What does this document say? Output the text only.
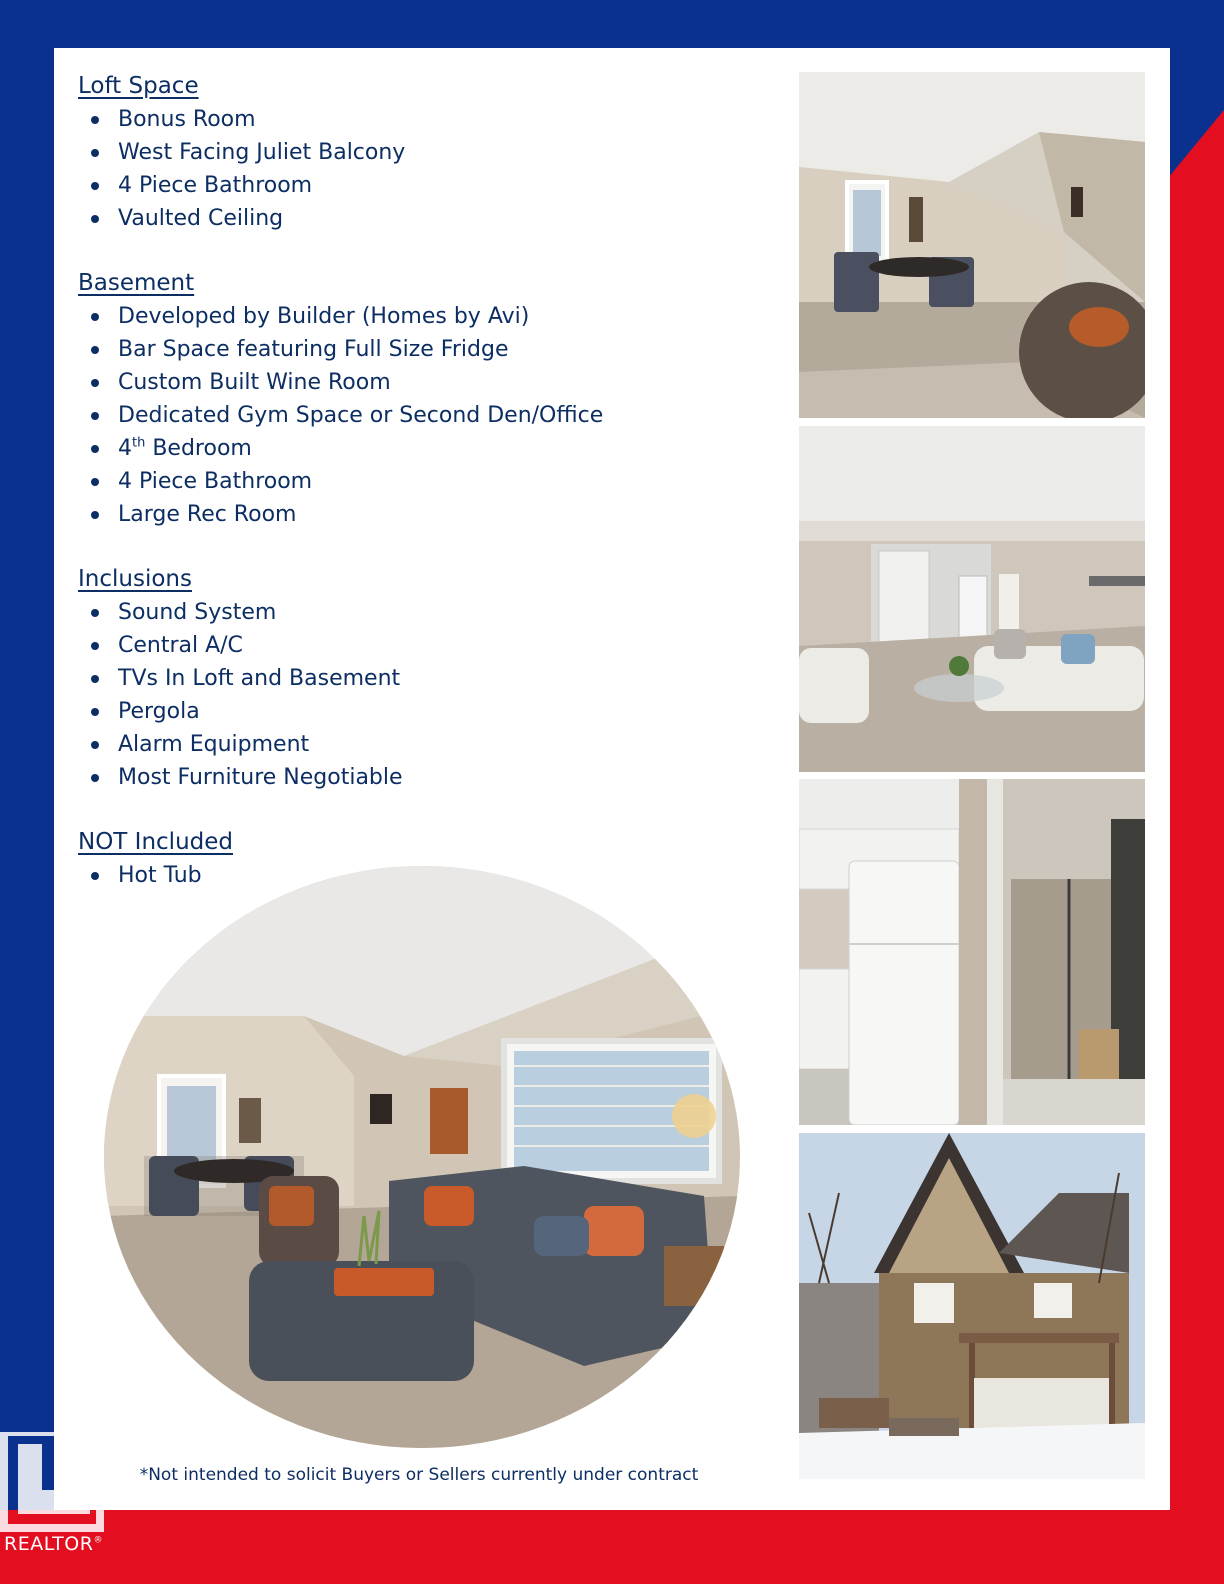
Loft Space
Bonus Room
West Facing Juliet Balcony
4 Piece Bathroom
Vaulted Ceiling
Basement
Developed by Builder (Homes by Avi)
Bar Space featuring Full Size Fridge
Custom Built Wine Room
Dedicated Gym Space or Second Den/Office
4th Bedroom
4 Piece Bathroom
Large Rec Room
Inclusions
Sound System
Central A/C
TVs In Loft and Basement
Pergola
Alarm Equipment
Most Furniture Negotiable
NOT Included
Hot Tub
*Not intended to solicit Buyers or Sellers currently under contract
REALTOR®
